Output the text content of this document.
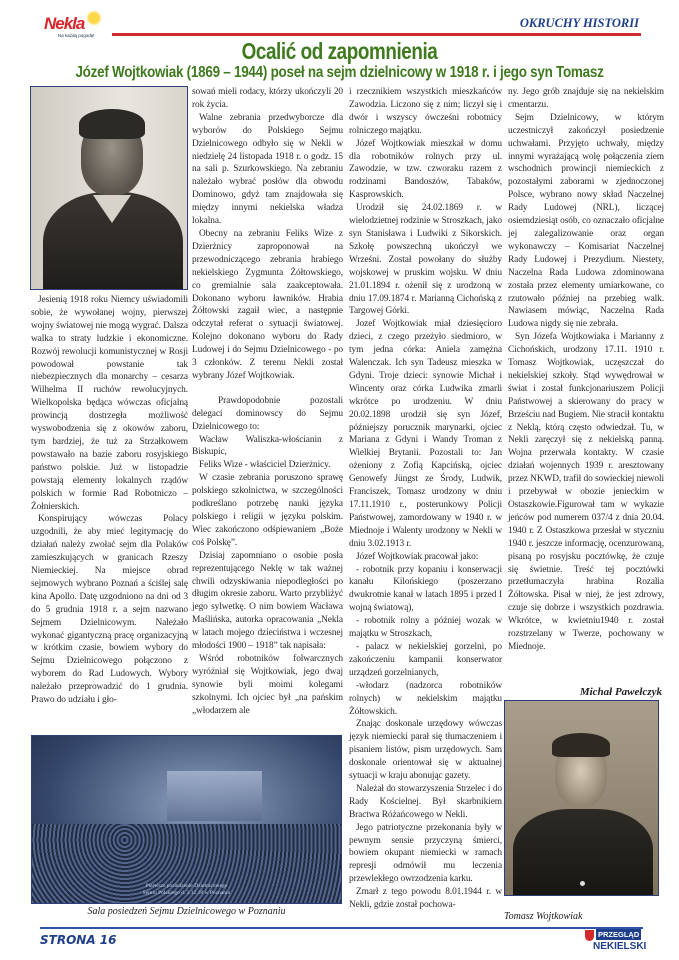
Nekla
Na każdą pogodę!
OKRUCHY HISTORII
Ocalić od zapomnienia
Józef Wojtkowiak (1869 – 1944) poseł na sejm dzielnicowy w 1918 r. i jego syn Tomasz

Jesienią 1918 roku Niemcy uświadomili sobie, że wywołanej wojny, pierwszej wojny światowej nie mogą wygrać. Dalsza walka to straty ludzkie i ekonomiczne. Rozwój rewolucji komunistycznej w Rosji powodował powstanie tak niebezpiecznych dla monarchy – cesarza Wilhelma II ruchów rewolucyjnych. Wielkopolska będąca wówczas oficjalną prowincją dostrzegła możliwość wyswobodzenia się z okowów zaboru, tym bardziej, że tuż za Strzałkowem powstawało na bazie zaboru rosyjskiego państwo polskie. Już w listopadzie powstają elementy lokalnych rządów polskich w formie Rad Robotniczo – Żołnierskich.

Konspirujący wówczas Polacy uzgodnili, że aby mieć legitymację do działań należy zwołać sejm dla Polaków zamieszkujących w granicach Rzeszy Niemieckiej. Na miejsce obrad sejmowych wybrano Poznań a ściślej salę kina Apollo. Datę uzgodniono na dni od 3 do 5 grudnia 1918 r. a sejm nazwano Sejmem Dzielnicowym. Należało wykonać gigantyczną pracę organizacyjną w krótkim czasie, bowiem wybory do Sejmu Dzielnicowego połączono z wyborem do Rad Ludowych. Wybory należało przeprowadzić do 1 grudnia. Prawo do udziału i gło-

sowań mieli rodacy, którzy ukończyli 20 rok życia.

Walne zebrania przedwyborcze dla wyborów do Polskiego Sejmu Dzielnicowego odbyło się w Nekli w niedzielę 24 listopada 1918 r. o godz. 15 na sali p. Szurkowskiego. Na zebraniu należało wybrać posłów dla obwodu Dominowo, gdyż tam znajdowała się między innymi nekielska władza lokalna.

Obecny na zebraniu Feliks Wize z Dzierżnicy zaproponował na przewodniczącego zebrania hrabiego nekielskiego Zygmunta Żółtowskiego, co gremialnie sala zaakceptowała. Dokonano wyboru ławników. Hrabia Żółtowski zagaił wiec, a następnie odczytał referat o sytuacji światowej. Kolejno dokonano wyboru do Rady Ludowej i do Sejmu Dzielnicowego - po 3 członków. Z terenu Nekli został wybrany Józef Wojtkowiak.

Prawdopodobnie pozostali delegaci dominowscy do Sejmu Dzielnicowego to:

Wacław Waliszka-włościanin z Biskupic,

Feliks Wize - właściciel Dzierżnicy.

W czasie zebrania poruszono sprawę polskiego szkolnictwa, w szczególności podkreślano potrzebę nauki języka polskiego i religii w języku polskim. Wiec zakończono odśpiewaniem „Boże coś Polskę”.

Dzisiaj zapomniano o osobie posła reprezentującego Neklę w tak ważnej chwili odzyskiwania niepodległości po długim okresie zaboru. Warto przybliżyć jego sylwetkę. O nim bowiem Wacława Maślińska, autorka opracowania „Nekla w latach mojego dzieciństwa i wczesnej młodości 1900 – 1918” tak napisała:

Wśród robotników folwarcznych wyróżniał się Wojtkowiak, jego dwaj synowie byli moimi kolegami szkolnymi. Ich ojciec był „na pańskim „włodarzem ale

i rzecznikiem wszystkich mieszkańców Zawodzia. Liczono się z nim; liczył się i dwór i wszyscy ówcześni robotnicy rolniczego majątku.

Józef Wojtkowiak mieszkał w domu dla robotników rolnych przy ul. Zawodzie, w tzw. czworaku razem z rodzinami Bandoszów, Tabaków, Kasprowskich.

Urodził się 24.02.1869 r. w wielodzietnej rodzinie w Stroszkach, jako syn Stanisława i Ludwiki z Sikorskich. Szkołę powszechną ukończył we Wrześni. Został powołany do służby wojskowej w pruskim wojsku. W dniu 21.01.1894 r. ożenił się z urodzoną w dniu 17.09.1874 r. Marianną Cichońską z Targowej Górki.

Jozef Wojtkowiak miał dziesięcioro dzieci, z czego przeżyło siedmioro, w tym jedna córka: Aniela zamężna Walenczak. Ich syn Tadeusz mieszka w Gdyni. Troje dzieci: synowie Michał i Wincenty oraz córka Ludwika zmarli wkrótce po urodzeniu. W dniu 20.02.1898 urodził się syn Józef, późniejszy porucznik marynarki, ojciec Mariana z Gdyni i Wandy Troman z Wielkiej Brytanii. Pozostali to: Jan ożeniony z Zofią Kapcińską, ojciec Genowefy Jüngst ze Środy, Ludwik, Franciszek, Tomasz urodzony w dniu 17.11.1910 r., posterunkowy Policji Państwowej, zamordowany w 1940 r. w Miednoje i Walenty urodzony w Nekli w dniu 3.02.1913 r.

Józef Wojtkowiak pracował jako:

- robotnik przy kopaniu i konserwacji kanału Kilońskiego (poszerzano dwukrotnie kanał w latach 1895 i przed I wojną światową),

- robotnik rolny a później wozak w majątku w Stroszkach,

- palacz w nekielskiej gorzelni, po zakończeniu kampanii konserwator urządzeń gorzelnianych,

-włodarz (nadzorca robotników rolnych) w nekielskim majątku Żółtowskich.

Znając doskonale urzędowy wówczas język niemiecki parał się tłumaczeniem i pisaniem listów, pism urzędowych. Sam doskonale orientował się w aktualnej sytuacji w kraju abonując gazety.

Należał do stowarzyszenia Strzelec i do Rady Kościelnej. Był skarbnikiem Bractwa Różańcowego w Nekli.

Jego patriotyczne przekonania były w pewnym sensie przyczyną śmierci, bowiem okupant niemiecki w ramach represji odmówił mu leczenia przewlekłego owrzodzenia karku.

Zmarł z tego powodu 8.01.1944 r. w Nekli, gdzie został pochowa-

ny. Jego grób znajduje się na nekielskim cmentarzu.

Sejm Dzielnicowy, w którym uczestniczył zakończył posiedzenie uchwałami. Przyjęto uchwały, między innymi wyrażającą wolę połączenia ziem wschodnich prowincji niemieckich z pozostałymi zaborami w zjednoczonej Polsce, wybrano nowy skład Naczelnej Rady Ludowej (NRL), liczącej osiemdziesiąt osób, co oznaczało oficjalne jej zalegalizowanie oraz organ wykonawczy – Komisariat Naczelnej Rady Ludowej i Prezydium. Niestety, Naczelna Rada Ludowa zdominowana została przez elementy umiarkowane, co rzutowało później na przebieg walk. Nawiasem mówiąc, Naczelna Rada Ludowa nigdy się nie zebrała.

Syn Józefa Wojtkowiaka i Marianny z Cichońskich, urodzony 17.11. 1910 r. Tomasz Wojtkowiak, uczęszczał do nekielskiej szkoły. Stąd wywędrował w świat i został funkcjonariuszem Policji Państwowej a skierowany do pracy w Brześciu nad Bugiem. Nie stracił kontaktu z Neklą, którą często odwiedzał. Tu, w Nekli zaręczył się z nekielską panną. Wojna przerwała kontakty. W czasie działań wojennych 1939 r. aresztowany przez NKWD, trafił do sowieckiej niewoli i przebywał w obozie jenieckim w Ostaszkowie.Figurował tam w wykazie jeńców pod numerem 037/4 z dnia 20.04. 1940 r. Z Ostaszkowa przesłał w styczniu 1940 r. jeszcze informację, ocenzurowaną, pisaną po rosyjsku pocztówkę, że czuje się świetnie. Treść tej pocztówki przetłumaczyła hrabina Rozalia Żółtowska. Pisał w niej, że jest zdrowy, czuje się dobrze i wszystkich pozdrawia. Wkrótce, w kwietniu1940 r. został rozstrzelany w Twerze, pochowany w Miednoje.

Pierwsze posiedzenie Dzielnicowego
Sejmu Polskiego d. 3.12.18 w Poznaniu
Sala posiedzeń Sejmu Dzielnicowego w Poznaniu
Michał Pawełczyk
Tomasz Wojtkowiak
STRONA 16	PRZEGLĄD
NEKIELSKI
